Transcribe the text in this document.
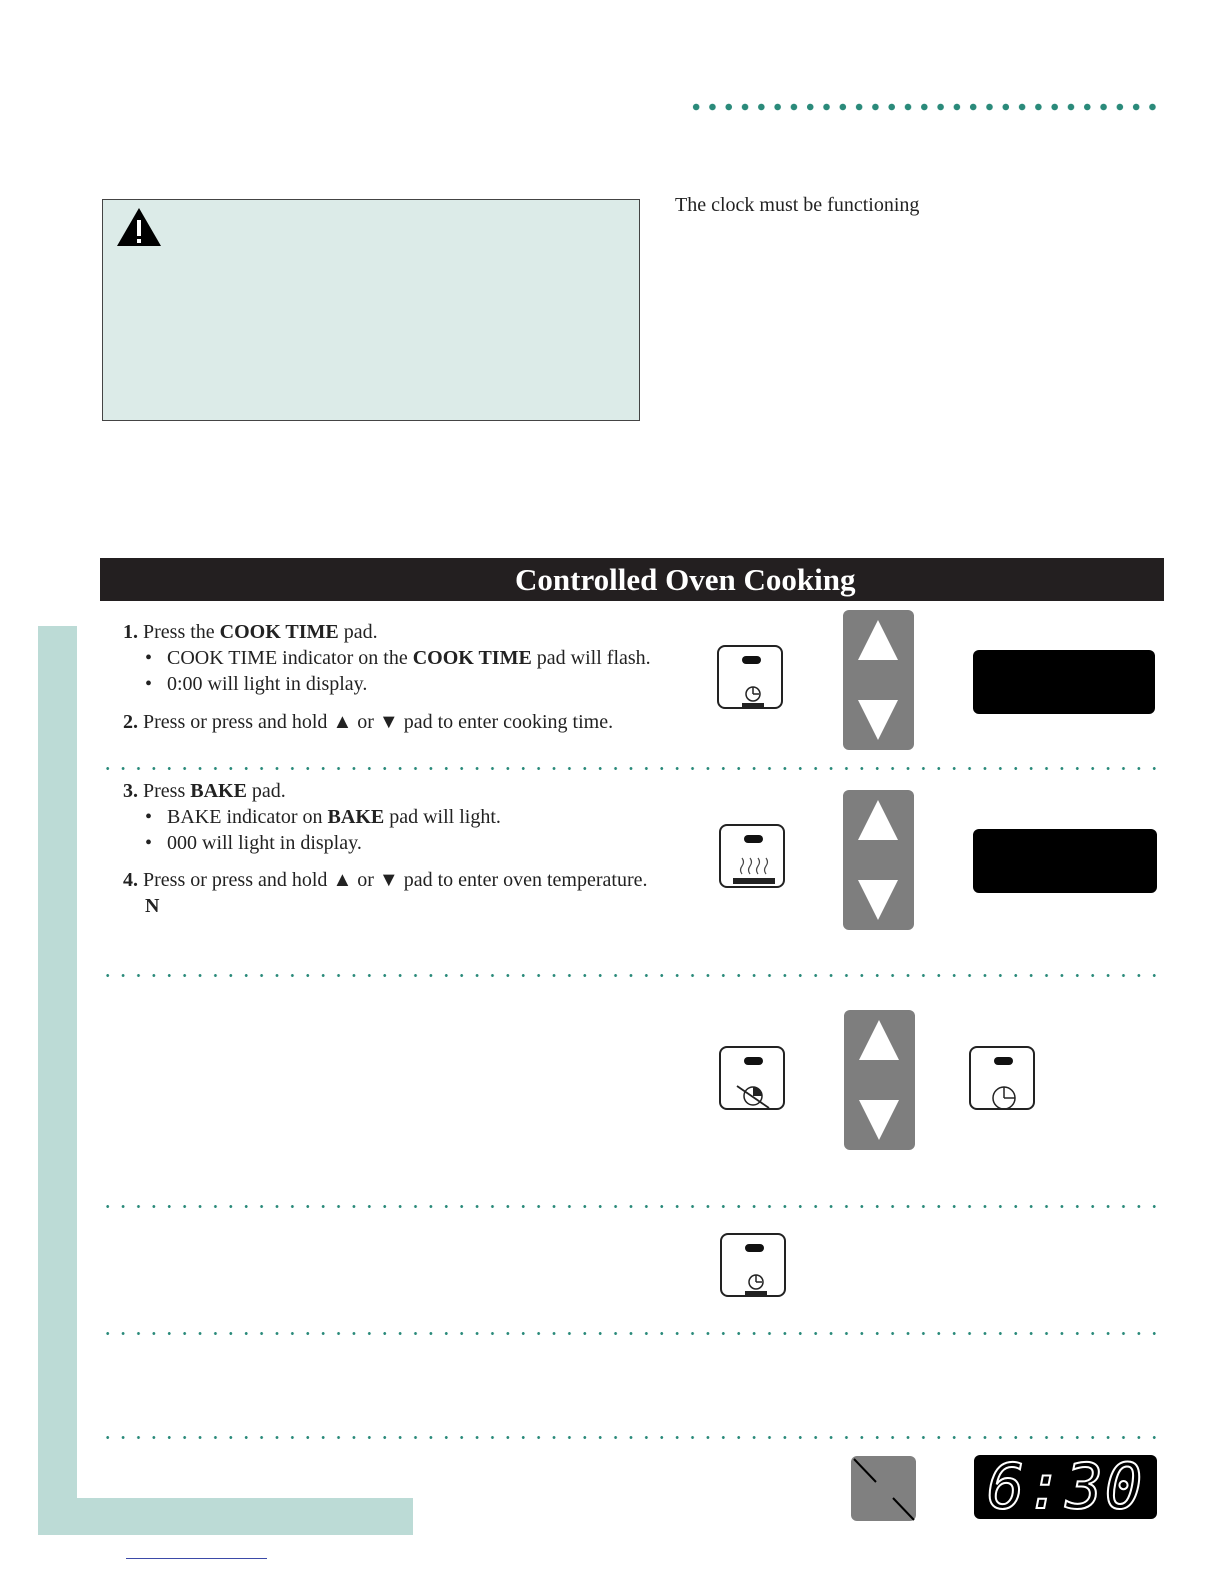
The clock must be functioning
Controlled Oven Cooking
1. Press the COOK TIME pad.
• COOK TIME indicator on the COOK TIME pad will flash.
• 0:00 will light in display.
2. Press or press and hold ▲ or ▼ pad to enter cooking time.
3. Press BAKE pad.
• BAKE indicator on BAKE pad will light.
• 000 will light in display.
4. Press or press and hold ▲ or ▼ pad to enter oven temperature.
N
6:30
